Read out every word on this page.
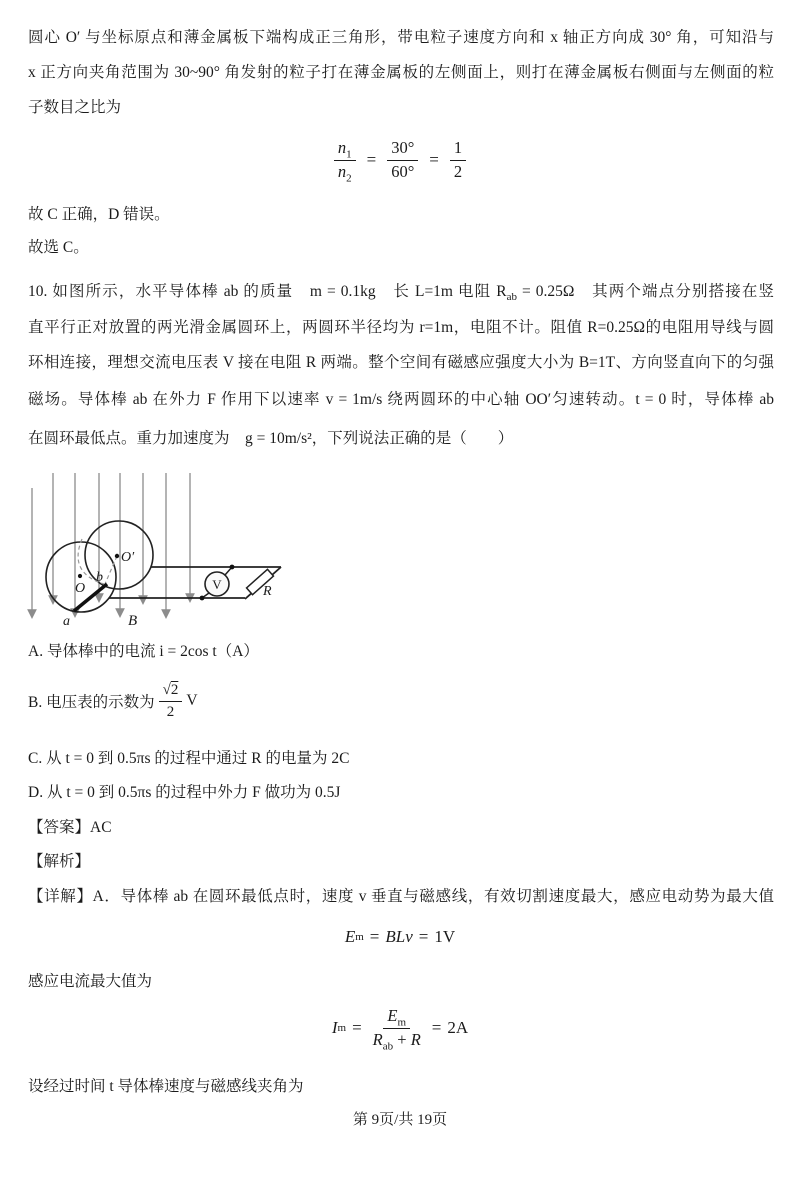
圆心 O′ 与坐标原点和薄金属板下端构成正三角形，带电粒子速度方向和 x 轴正方向成 30° 角，可知沿与
x 正方向夹角范围为 30~90° 角发射的粒子打在薄金属板的左侧面上，则打在薄金属板右侧面与左侧面的粒
子数目之比为
$\frac{n_1}{n_2} = \frac{30^\circ}{60^\circ} = \frac{1}{2}$
故 C 正确，D 错误。
故选 C。
10. 如图所示，水平导体棒 ab 的质量　m = 0.1kg　长 L=1m 电阻 $R_{ab} = 0.25\Omega$　其两个端点分别搭接在竖
直平行正对放置的两光滑金属圆环上，两圆环半径均为 r=1m，电阻不计。阻值 R=0.25Ω的电阻用导线与圆
环相连接，理想交流电压表 V 接在电阻 R 两端。整个空间有磁感应强度大小为 B=1T、方向竖直向下的匀强
磁场。导体棒 ab 在外力 F 作用下以速率 v = 1m/s 绕两圆环的中心轴 OO′匀速转动。t = 0 时，导体棒 ab
在圆环最低点。重力加速度为　g = 10m/s²，下列说法正确的是（　　）
V	R
O
O′
a
b
B
A. 导体棒中的电流 i = 2cos t（A）
B. 电压表的示数为 $\frac{√2}{2}$ V
C. 从 t = 0 到 0.5πs 的过程中通过 R 的电量为 2C
D. 从 t = 0 到 0.5πs 的过程中外力 F 做功为 0.5J
【答案】AC
【解析】
【详解】A．导体棒 ab 在圆环最低点时，速度 v 垂直与磁感线，有效切割速度最大，感应电动势为最大值
E m = BLv = 1V
感应电流最大值为
I $m = \frac{E_m}{R_{ab} + R} = 2A$
设经过时间 t 导体棒速度与磁感线夹角为
第 9页/共 19页
